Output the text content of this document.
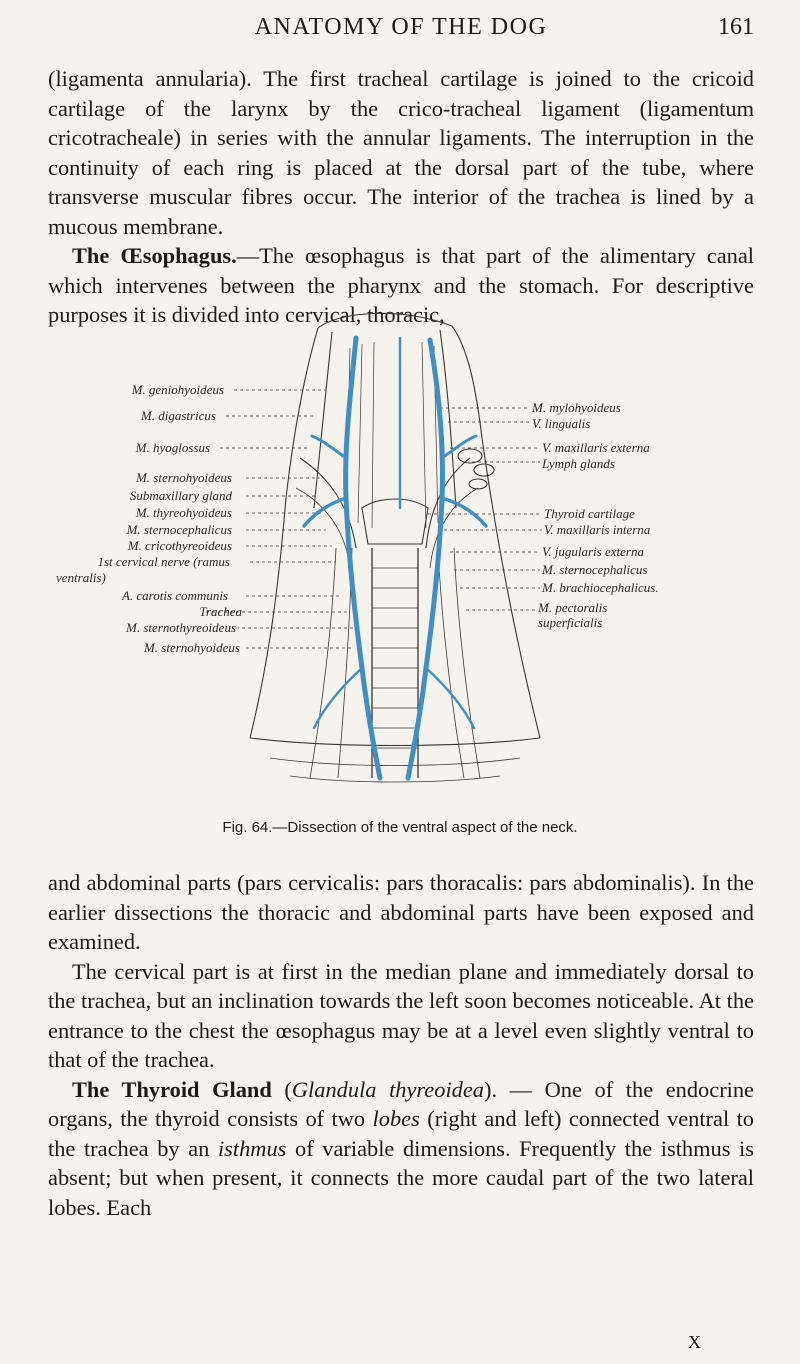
ANATOMY OF THE DOG	161

(ligamenta annularia). The first tracheal cartilage is joined to the cricoid cartilage of the larynx by the crico-tracheal ligament (ligamentum cricotracheale) in series with the annular ligaments. The interruption in the continuity of each ring is placed at the dorsal part of the tube, where transverse muscular fibres occur. The interior of the trachea is lined by a mucous membrane.

The Œsophagus.—The œsophagus is that part of the alimentary canal which intervenes between the pharynx and the stomach. For descriptive purposes it is divided into cervical, thoracic,

M. geniohyoideus
M. digastricus
M. hyoglossus
M. sternohyoideus
Submaxillary gland
M. thyreohyoideus
M. sternocephalicus
M. cricothyreoideus
1st cervical nerve (ramus
ventralis)
A. carotis communis
Trachea
M. sternothyreoideus
M. sternohyoideus
M. mylohyoideus
V. lingualis
V. maxillaris externa
Lymph glands
Thyroid cartilage
V. maxillaris interna
V. jugularis externa
M. sternocephalicus
M. brachiocephalicus.
M. pectoralis
superficialis
Fig. 64.—Dissection of the ventral aspect of the neck.

and abdominal parts (pars cervicalis: pars thoracalis: pars abdominalis). In the earlier dissections the thoracic and abdominal parts have been exposed and examined.

The cervical part is at first in the median plane and immediately dorsal to the trachea, but an inclination towards the left soon becomes noticeable. At the entrance to the chest the œsophagus may be at a level even slightly ventral to that of the trachea.

The Thyroid Gland (Glandula thyreoidea). — One of the endocrine organs, the thyroid consists of two lobes (right and left) connected ventral to the trachea by an isthmus of variable dimensions. Frequently the isthmus is absent; but when present, it connects the more caudal part of the two lateral lobes. Each

X
